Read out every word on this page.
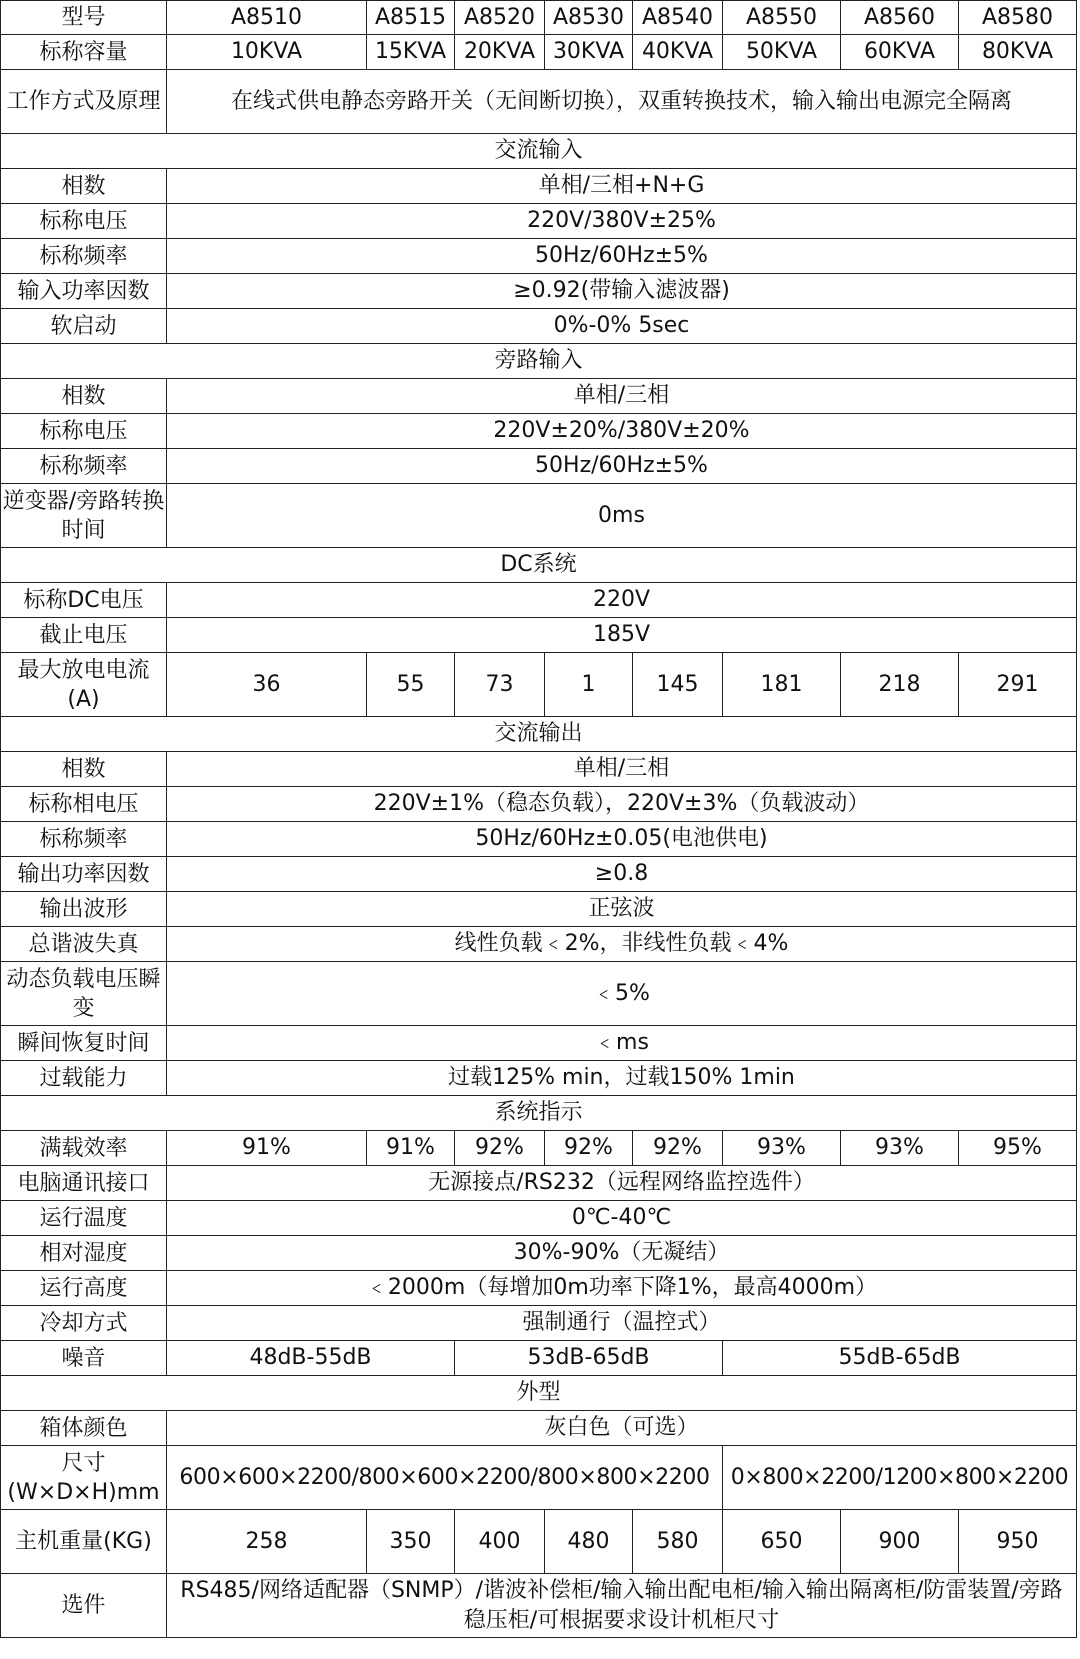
型号	A8510	A8515	A8520	A8530	A8540	A8550	A8560	A8580
标称容量	10KVA	15KVA	20KVA	30KVA	40KVA	50KVA	60KVA	80KVA
工作方式及原理	在线式供电静态旁路开关（无间断切换），双重转换技术，输入输出电源完全隔离							
交流输入								
相数	单相/三相+N+G							
标称电压	220V/380V±25%							
标称频率	50Hz/60Hz±5%							
输入功率因数	≥0.92(带输入滤波器)							
软启动	0%-0% 5sec							
旁路输入								
相数	单相/三相							
标称电压	220V±20%/380V±20%							
标称频率	50Hz/60Hz±5%							
逆变器/旁路转换时间	0ms							
DC系统								
标称DC电压	220V							
截止电压	185V							
最大放电电流(A)	36	55	73	1	145	181	218	291
交流输出								
相数	单相/三相							
标称相电压	220V±1%（稳态负载），220V±3%（负载波动）							
标称频率	50Hz/60Hz±0.05(电池供电)							
输出功率因数	≥0.8							
输出波形	正弦波							
总谐波失真	线性负载﹤2%，非线性负载﹤4%							
动态负载电压瞬变	﹤5%							
瞬间恢复时间	﹤ms							
过载能力	过载125% min，过载150% 1min							
系统指示								
满载效率	91%	91%	92%	92%	92%	93%	93%	95%
电脑通讯接口	无源接点/RS232（远程网络监控选件）							
运行温度	0℃-40℃							
相对湿度	30%-90%（无凝结）							
运行高度	﹤2000m（每增加0m功率下降1%，最高4000m）							
冷却方式	强制通行（温控式）							
噪音	48dB-55dB		53dB-65dB			55dB-65dB		
外型								
箱体颜色	灰白色（可选）							
尺寸(W×D×H)mm	600×600×2200/800×600×2200/800×800×2200					0×800×2200/1200×800×2200		
主机重量(KG)	258	350	400	480	580	650	900	950
选件	RS485/网络适配器（SNMP）/谐波补偿柜/输入输出配电柜/输入输出隔离柜/防雷装置/旁路稳压柜/可根据要求设计机柜尺寸							
